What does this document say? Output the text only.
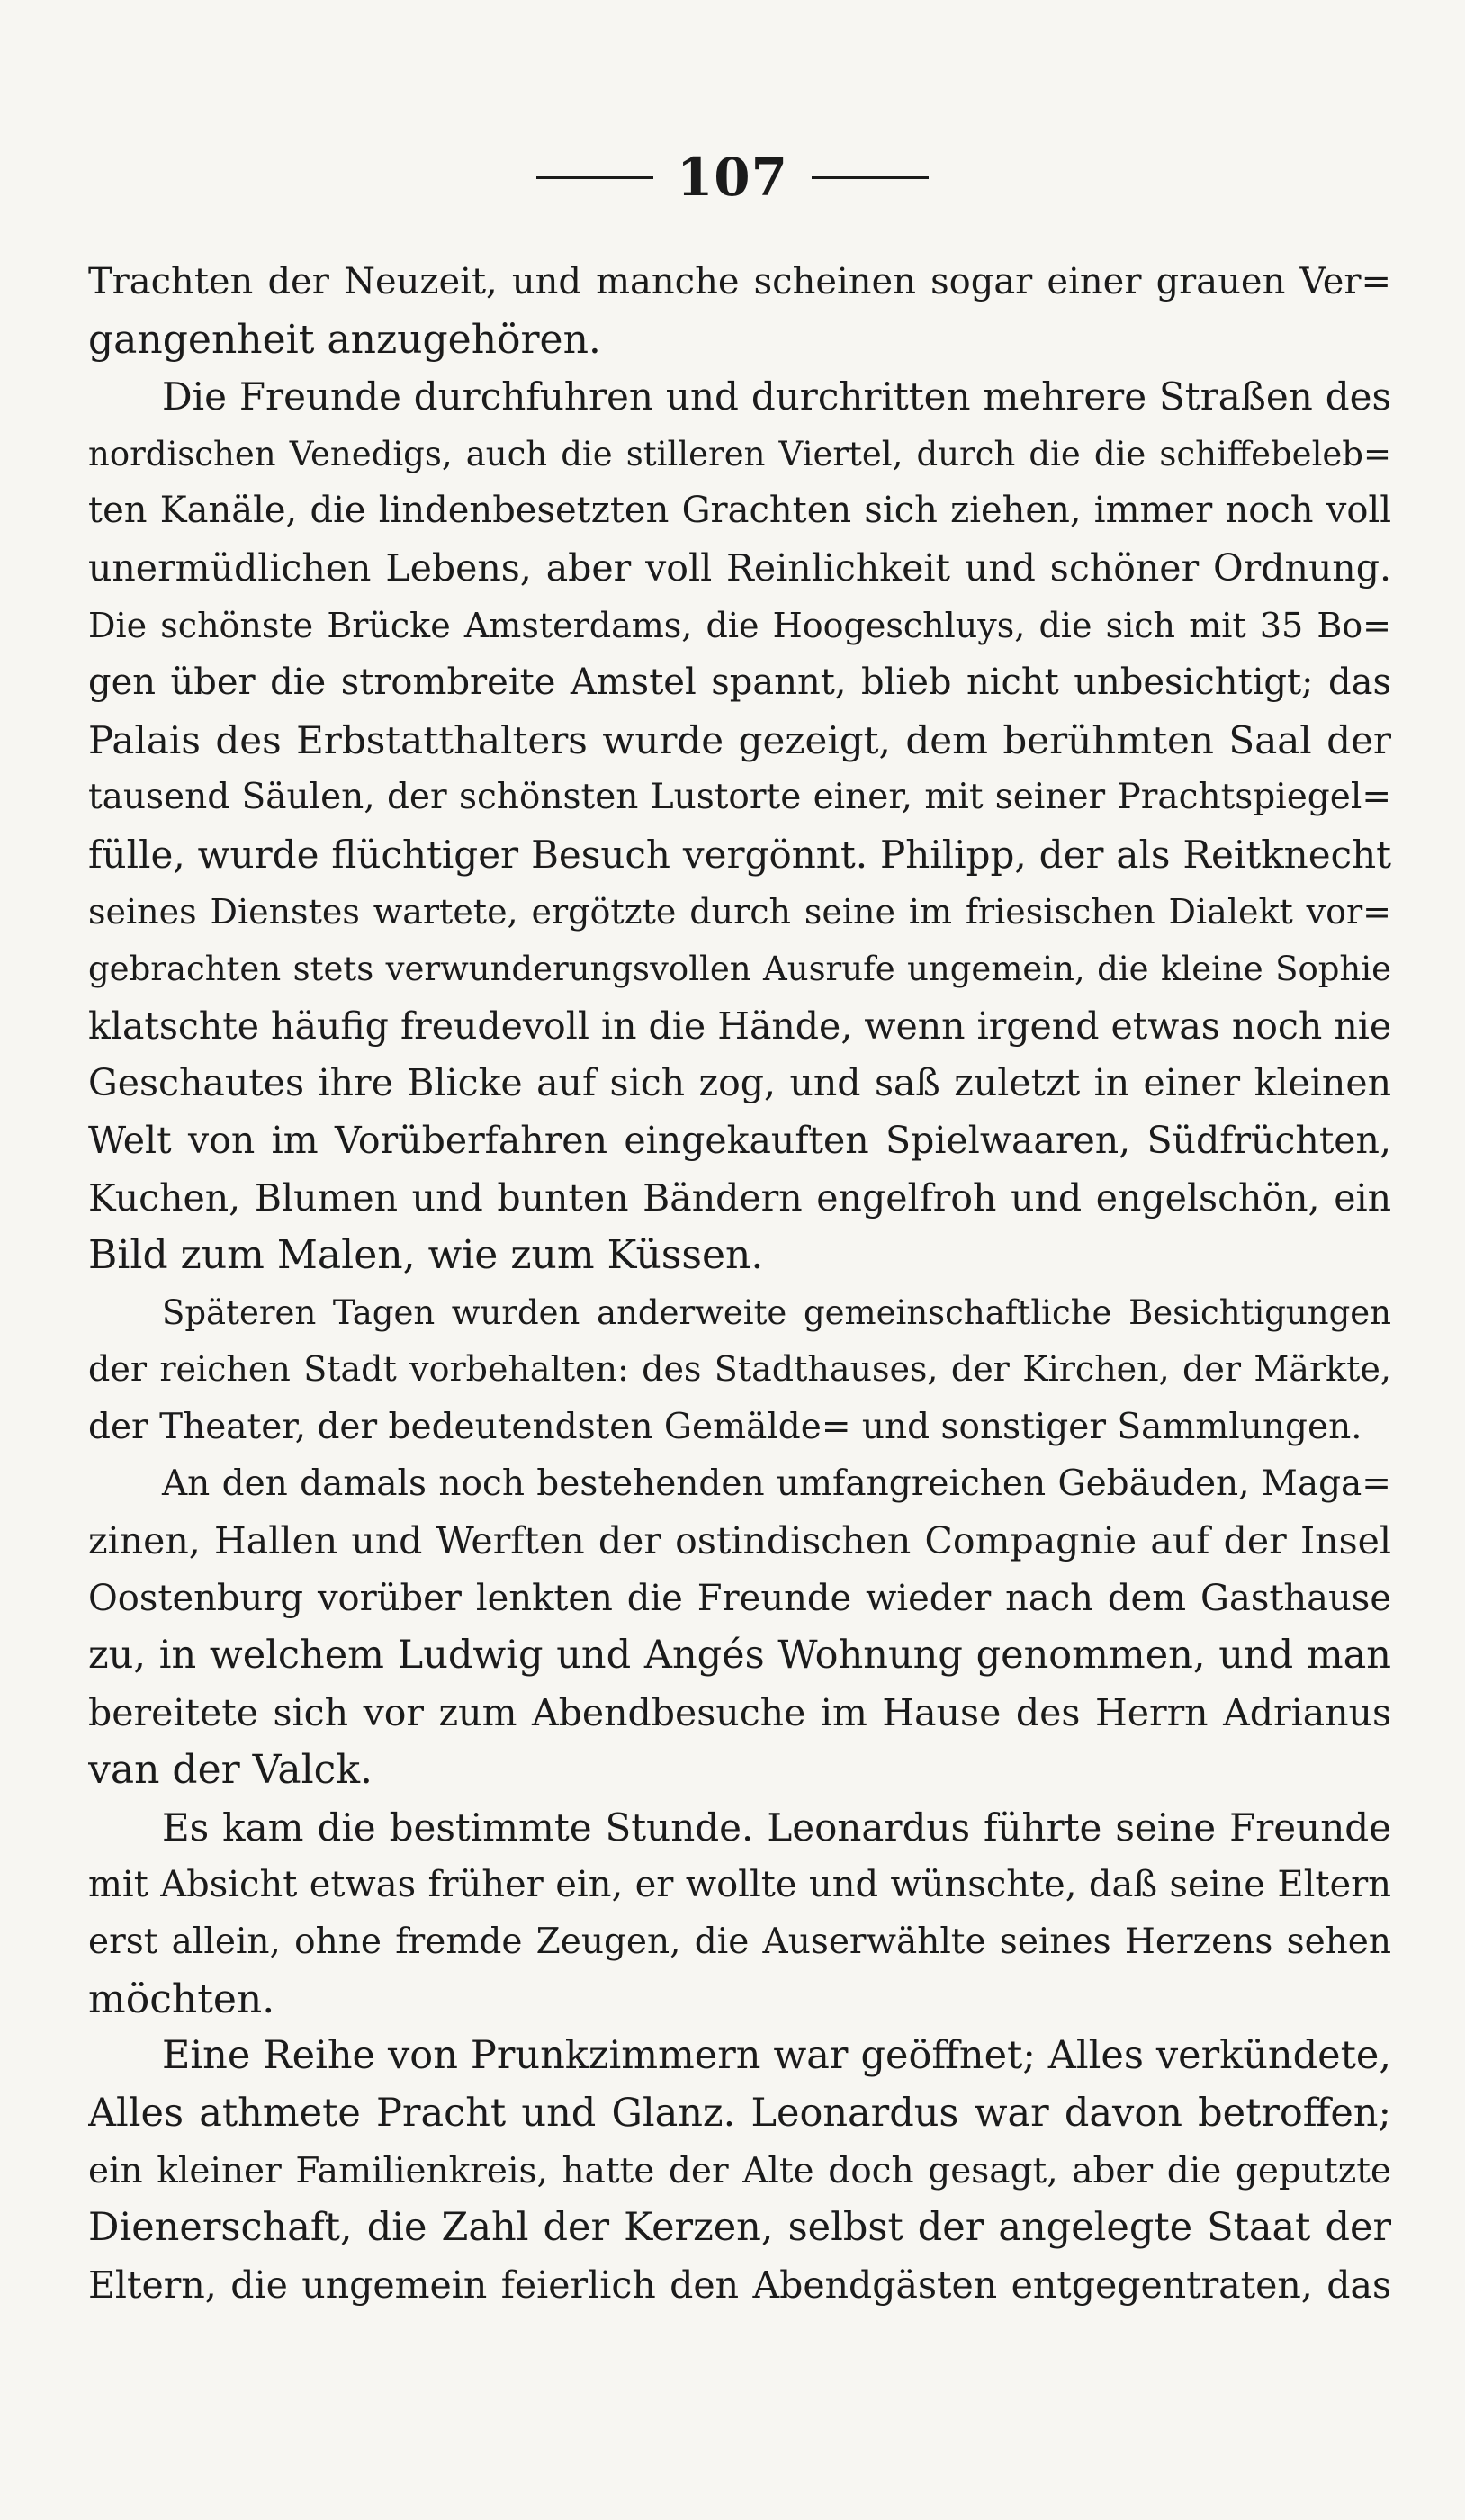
107
Trachten der Neuzeit, und manche scheinen sogar einer grauen Ver=
gangenheit anzugehören.
Die Freunde durchfuhren und durchritten mehrere Straßen des
nordischen Venedigs, auch die stilleren Viertel, durch die die schiffebeleb=
ten Kanäle, die lindenbesetzten Grachten sich ziehen, immer noch voll
unermüdlichen Lebens, aber voll Reinlichkeit und schöner Ordnung.
Die schönste Brücke Amsterdams, die Hoogeschluys, die sich mit 35 Bo=
gen über die strombreite Amstel spannt, blieb nicht unbesichtigt; das
Palais des Erbstatthalters wurde gezeigt, dem berühmten Saal der
tausend Säulen, der schönsten Lustorte einer, mit seiner Prachtspiegel=
fülle, wurde flüchtiger Besuch vergönnt. Philipp, der als Reitknecht
seines Dienstes wartete, ergötzte durch seine im friesischen Dialekt vor=
gebrachten stets verwunderungsvollen Ausrufe ungemein, die kleine Sophie
klatschte häufig freudevoll in die Hände, wenn irgend etwas noch nie
Geschautes ihre Blicke auf sich zog, und saß zuletzt in einer kleinen
Welt von im Vorüberfahren eingekauften Spielwaaren, Südfrüchten,
Kuchen, Blumen und bunten Bändern engelfroh und engelschön, ein
Bild zum Malen, wie zum Küssen.
Späteren Tagen wurden anderweite gemeinschaftliche Besichtigungen
der reichen Stadt vorbehalten: des Stadthauses, der Kirchen, der Märkte,
der Theater, der bedeutendsten Gemälde= und sonstiger Sammlungen.
An den damals noch bestehenden umfangreichen Gebäuden, Maga=
zinen, Hallen und Werften der ostindischen Compagnie auf der Insel
Oostenburg vorüber lenkten die Freunde wieder nach dem Gasthause
zu, in welchem Ludwig und Angés Wohnung genommen, und man
bereitete sich vor zum Abendbesuche im Hause des Herrn Adrianus
van der Valck.
Es kam die bestimmte Stunde. Leonardus führte seine Freunde
mit Absicht etwas früher ein, er wollte und wünschte, daß seine Eltern
erst allein, ohne fremde Zeugen, die Auserwählte seines Herzens sehen
möchten.
Eine Reihe von Prunkzimmern war geöffnet; Alles verkündete,
Alles athmete Pracht und Glanz. Leonardus war davon betroffen;
ein kleiner Familienkreis, hatte der Alte doch gesagt, aber die geputzte
Dienerschaft, die Zahl der Kerzen, selbst der angelegte Staat der
Eltern, die ungemein feierlich den Abendgästen entgegentraten, das
